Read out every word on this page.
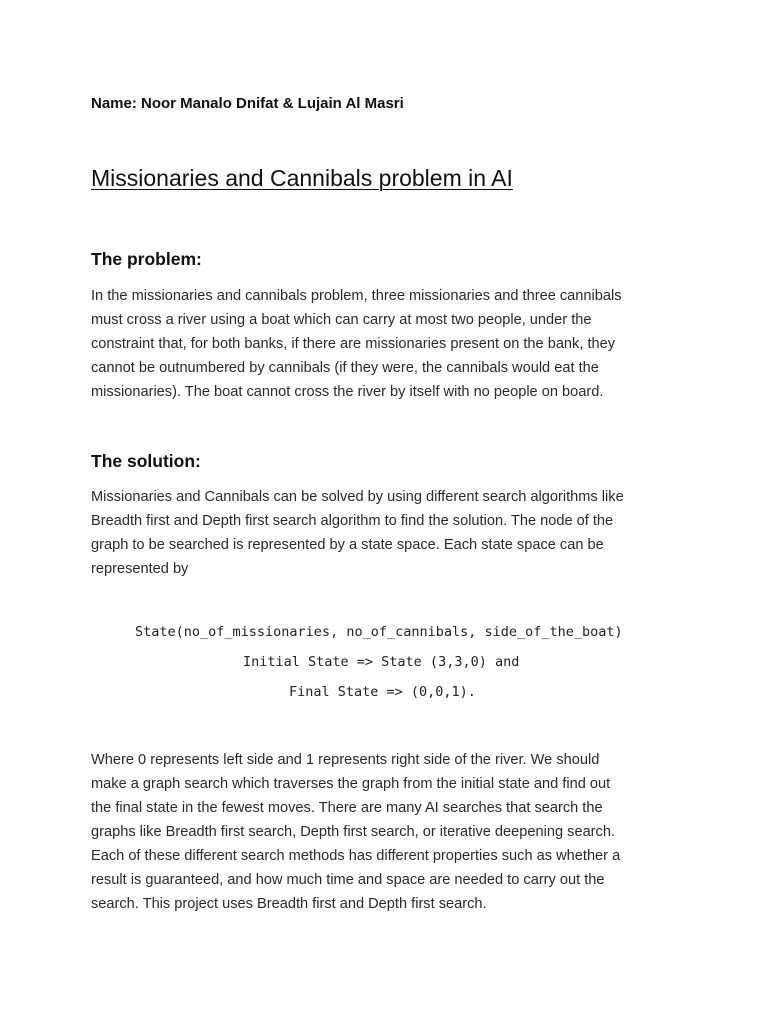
Name: Noor Manalo Dnifat & Lujain Al Masri
Missionaries and Cannibals problem in AI
The problem:
In the missionaries and cannibals problem, three missionaries and three cannibals
must cross a river using a boat which can carry at most two people, under the
constraint that, for both banks, if there are missionaries present on the bank, they
cannot be outnumbered by cannibals (if they were, the cannibals would eat the
missionaries). The boat cannot cross the river by itself with no people on board.
The solution:
Missionaries and Cannibals can be solved by using different search algorithms like
Breadth first and Depth first search algorithm to find the solution. The node of the
graph to be searched is represented by a state space. Each state space can be
represented by
State(no_of_missionaries, no_of_cannibals, side_of_the_boat)
Initial State => State (3,3,0) and
Final State => (0,0,1).
Where 0 represents left side and 1 represents right side of the river. We should
make a graph search which traverses the graph from the initial state and find out
the final state in the fewest moves. There are many AI searches that search the
graphs like Breadth first search, Depth first search, or iterative deepening search.
Each of these different search methods has different properties such as whether a
result is guaranteed, and how much time and space are needed to carry out the
search. This project uses Breadth first and Depth first search.
